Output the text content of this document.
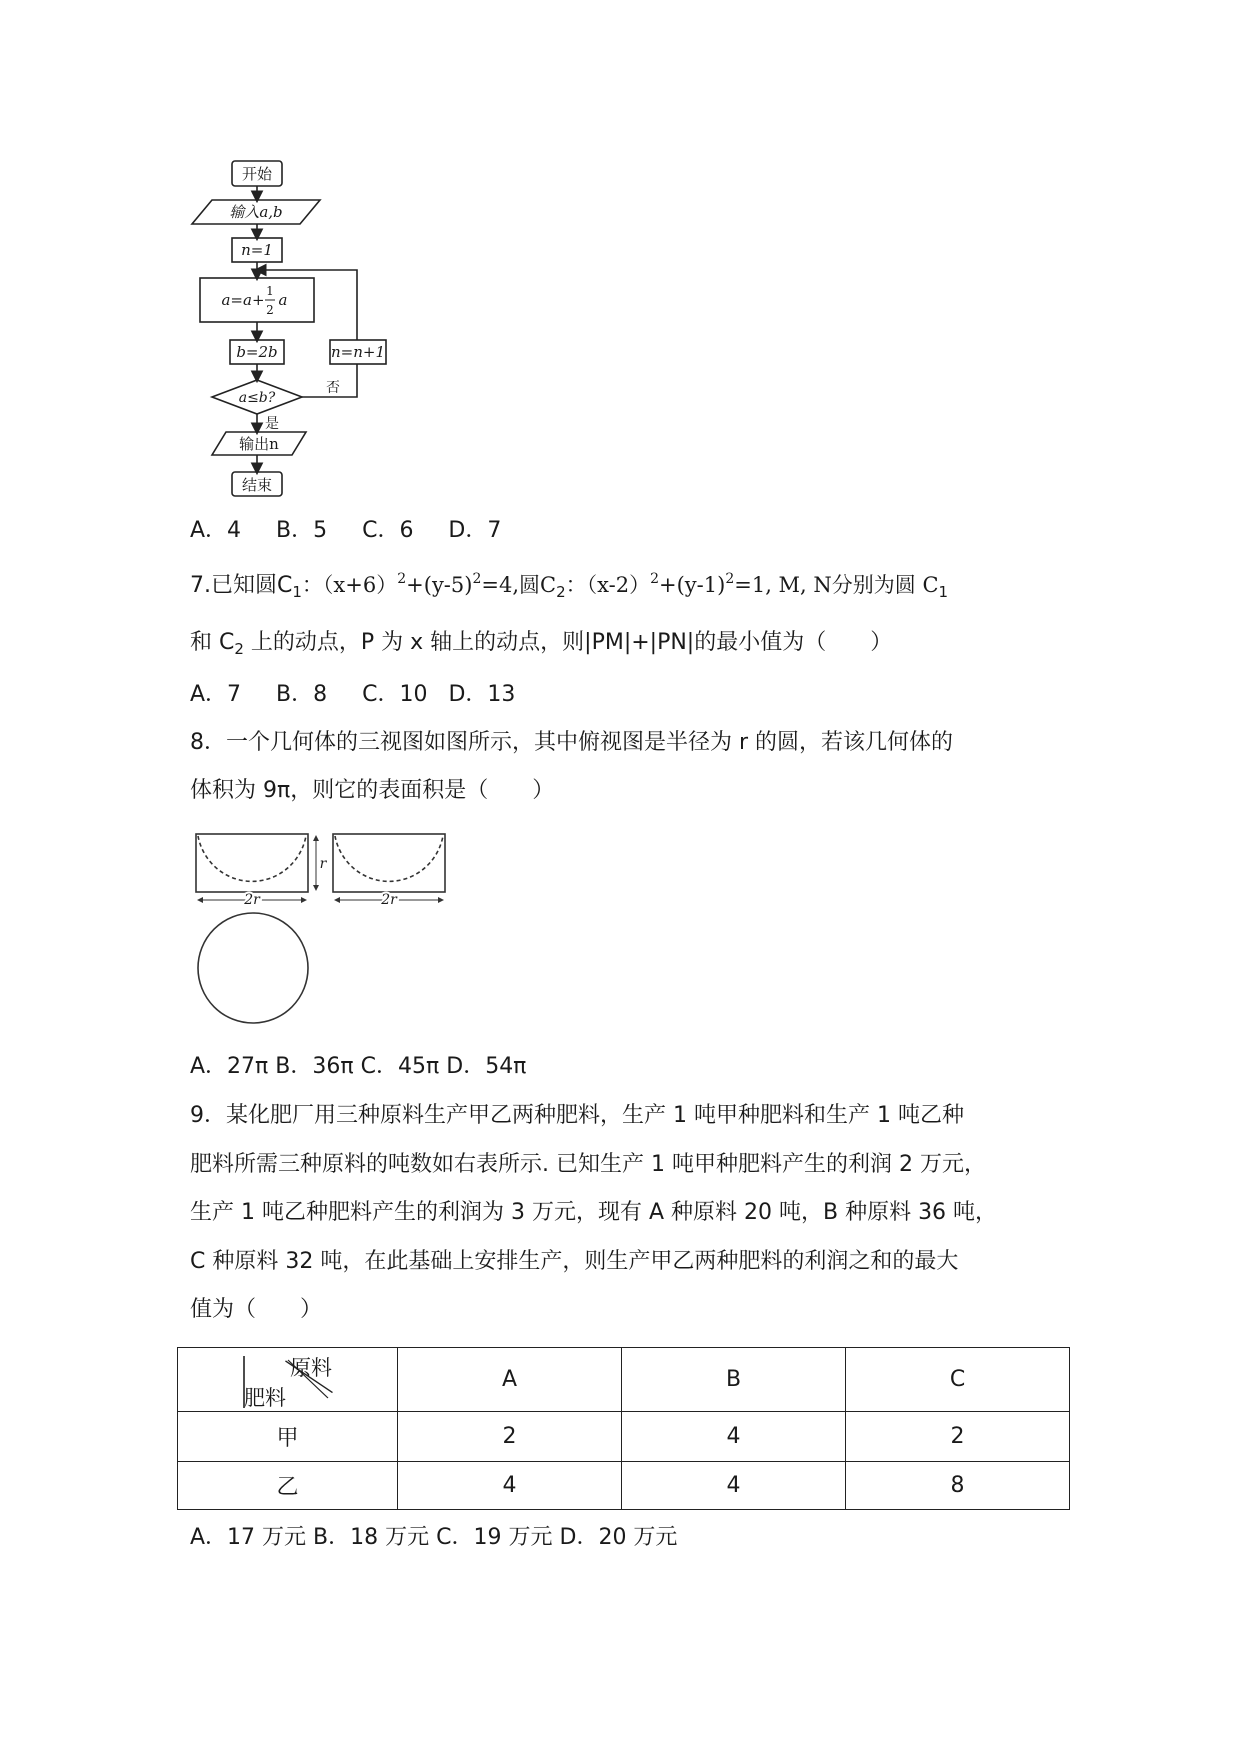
开始
输入a,b
n=1
a=a+ 1
2
a
b=2b	n=n+1
a≤b?
否
是
输出n
结束
A．4 B．5 C．6 D．7
7.已知圆$C_1$：$(x+6)^2+(y-5)^2=4$,圆$C_2$：$(x-2)^2+(y-1)^2=1$, M, N分别为圆 $C_1$
和 $C_2$ 上的动点，P 为 x 轴上的动点，则|PM|+|PN|的最小值为（　　）
A．7 B．8 C．10 D．13
8．一个几何体的三视图如图所示，其中俯视图是半径为 r 的圆，若该几何体的
体积为 9π，则它的表面积是（　　）
2r
r
2r
A．27π B．36π C．45π D．54π
9．某化肥厂用三种原料生产甲乙两种肥料，生产 1 吨甲种肥料和生产 1 吨乙种
肥料所需三种原料的吨数如右表所示. 已知生产 1 吨甲种肥料产生的利润 2 万元，
生产 1 吨乙种肥料产生的利润为 3 万元，现有 A 种原料 20 吨，B 种原料 36 吨，
C 种原料 32 吨，在此基础上安排生产，则生产甲乙两种肥料的利润之和的最大
值为（　　）
原料
肥料	A	B	C
甲	2	4	2
乙	4	4	8
A．17 万元 B．18 万元 C．19 万元 D．20 万元
